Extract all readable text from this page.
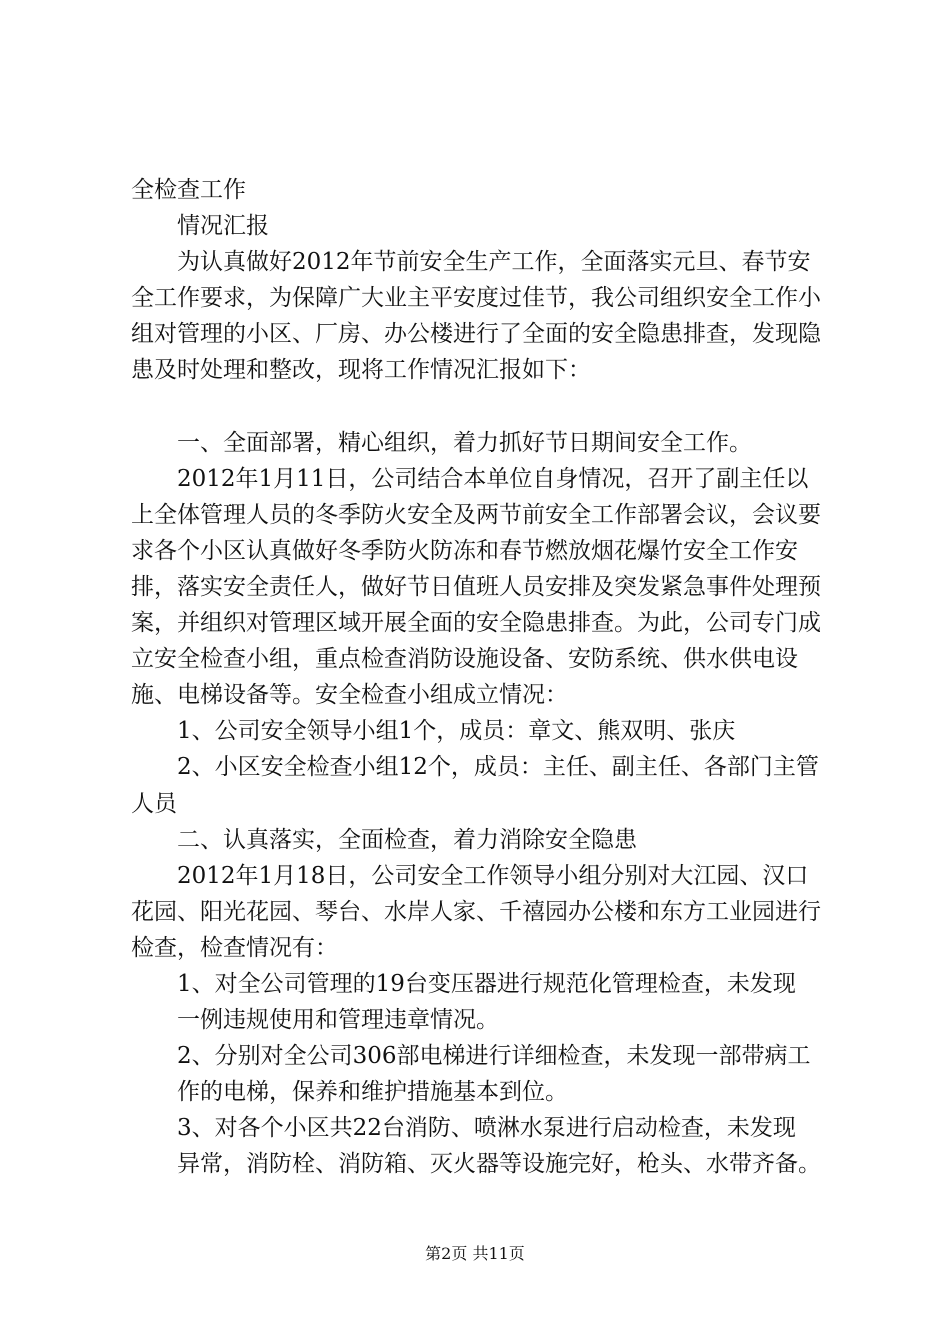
全检查工作

情况汇报

为认真做好2012年节前安全生产工作，全面落实元旦、春节安全工作要求，为保障广大业主平安度过佳节，我公司组织安全工作小组对管理的小区、厂房、办公楼进行了全面的安全隐患排查，发现隐患及时处理和整改，现将工作情况汇报如下：

一、全面部署，精心组织，着力抓好节日期间安全工作。

2012年1月11日，公司结合本单位自身情况，召开了副主任以上全体管理人员的冬季防火安全及两节前安全工作部署会议，会议要求各个小区认真做好冬季防火防冻和春节燃放烟花爆竹安全工作安排，落实安全责任人，做好节日值班人员安排及突发紧急事件处理预案，并组织对管理区域开展全面的安全隐患排查。为此，公司专门成立安全检查小组，重点检查消防设施设备、安防系统、供水供电设施、电梯设备等。安全检查小组成立情况：

1、公司安全领导小组1个，成员：章文、熊双明、张庆

2、小区安全检查小组12个，成员：主任、副主任、各部门主管人员

二、认真落实，全面检查，着力消除安全隐患

2012年1月18日，公司安全工作领导小组分别对大江园、汉口花园、阳光花园、琴台、水岸人家、千禧园办公楼和东方工业园进行检查，检查情况有：

1、对全公司管理的19台变压器进行规范化管理检查，未发现

一例违规使用和管理违章情况。

2、分别对全公司306部电梯进行详细检查，未发现一部带病工

作的电梯，保养和维护措施基本到位。

3、对各个小区共22台消防、喷淋水泵进行启动检查，未发现

异常，消防栓、消防箱、灭火器等设施完好，枪头、水带齐备。

第2页 共11页
